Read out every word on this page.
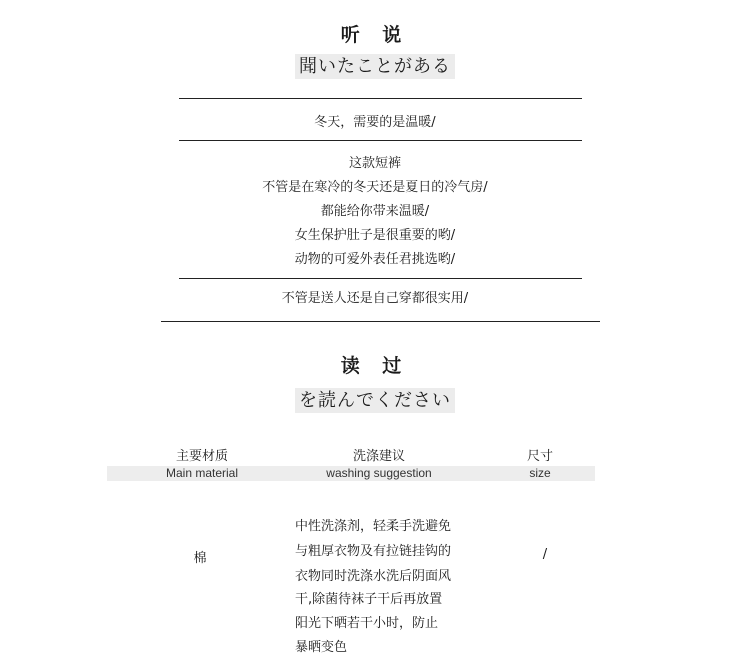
听 说
聞いたことがある
冬天，需要的是温暖/
这款短裤
不管是在寒冷的冬天还是夏日的冷气房/
都能给你带来温暖/
女生保护肚子是很重要的哟/
动物的可爱外表任君挑选哟/
不管是送人还是自己穿都很实用/
读 过
を読んでください
主要材质
Main material
洗涤建议
washing suggestion
尺寸
size
棉
中性洗涤剂，轻柔手洗避免
与粗厚衣物及有拉链挂钩的
衣物同时洗涤水洗后阴面风
干,除菌待袜子干后再放置
阳光下晒若干小时，防止
暴晒变色
/
